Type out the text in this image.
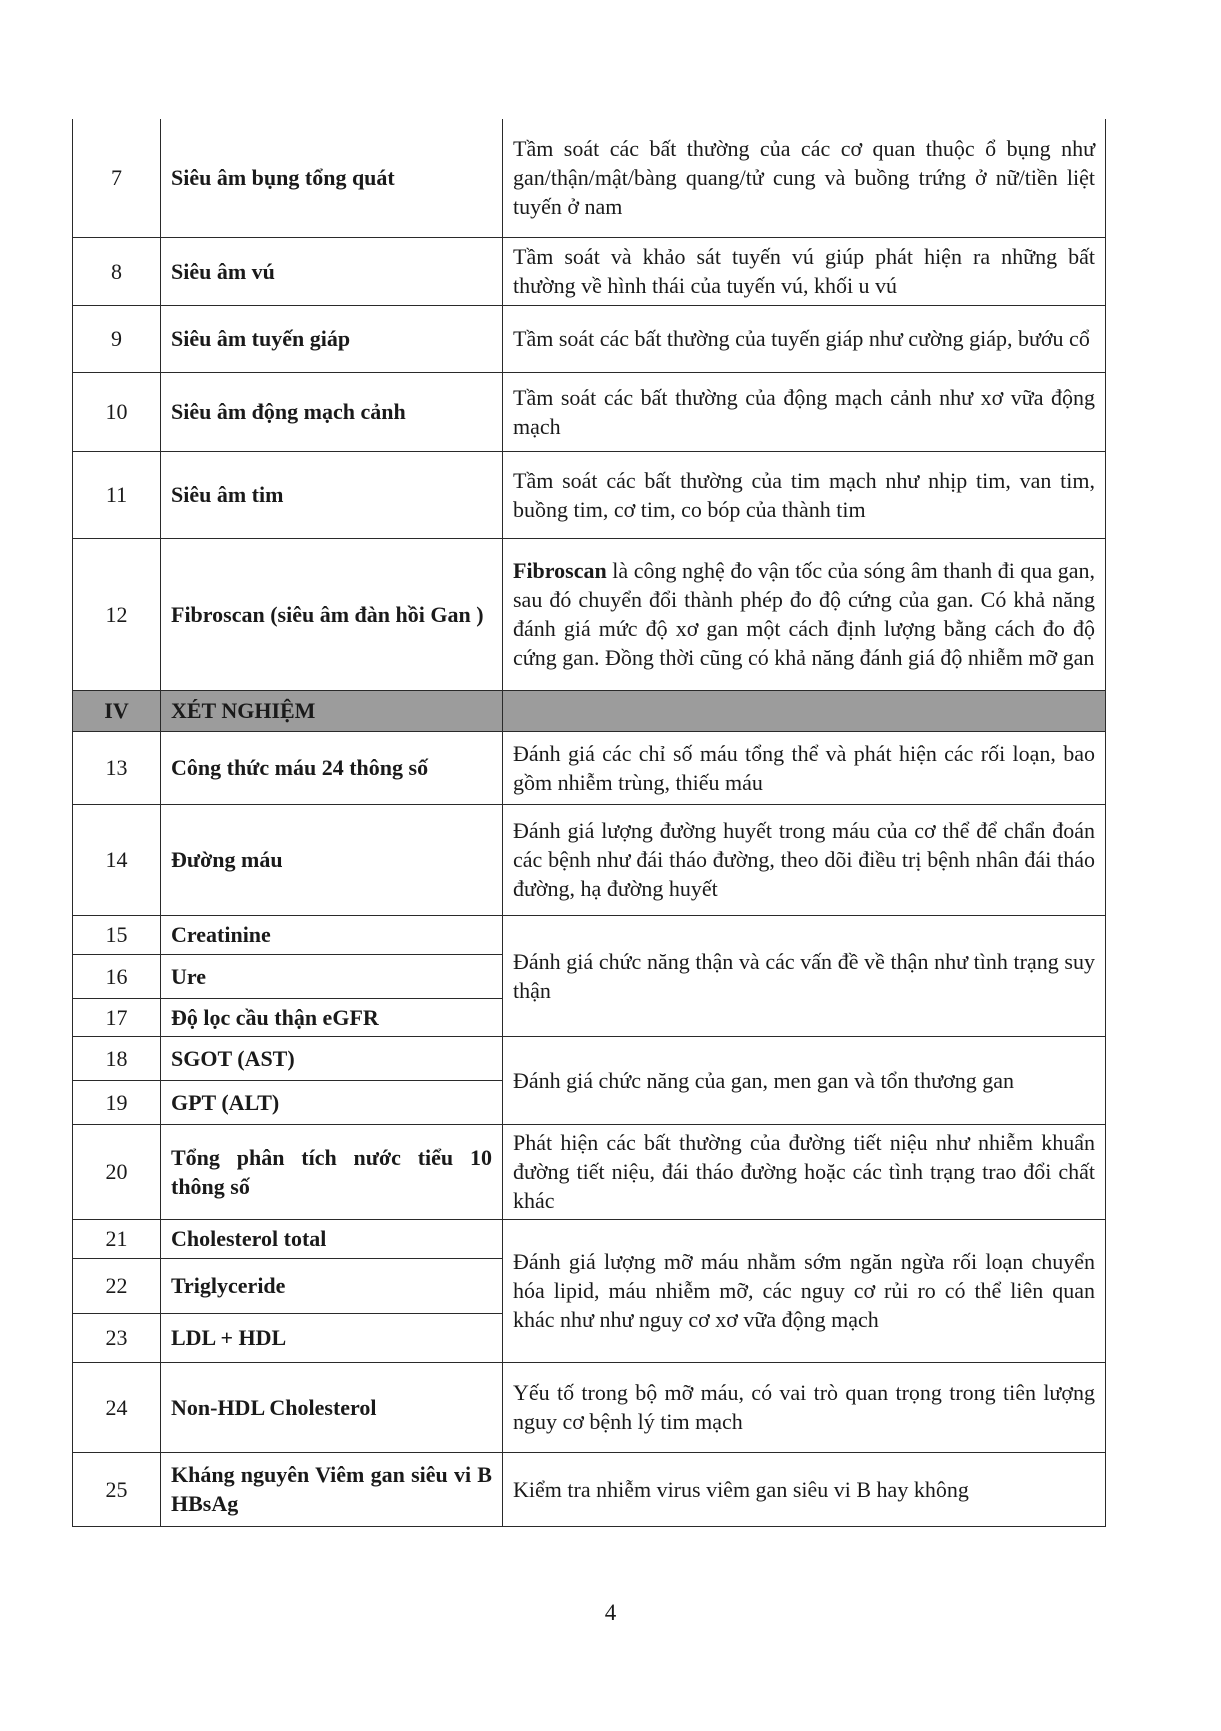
7	Siêu âm bụng tổng quát	Tầm soát các bất thường của các cơ quan thuộc ổ bụng như gan/thận/mật/bàng quang/tử cung và buồng trứng ở nữ/tiền liệt tuyến ở nam
8	Siêu âm vú	Tầm soát và khảo sát tuyến vú giúp phát hiện ra những bất thường về hình thái của tuyến vú, khối u vú
9	Siêu âm tuyến giáp	Tầm soát các bất thường của tuyến giáp như cường giáp, bướu cổ
10	Siêu âm động mạch cảnh	Tầm soát các bất thường của động mạch cảnh như xơ vữa động mạch
11	Siêu âm tim	Tầm soát các bất thường của tim mạch như nhịp tim, van tim, buồng tim, cơ tim, co bóp của thành tim
12	Fibroscan (siêu âm đàn hồi Gan )	Fibroscan là công nghệ đo vận tốc của sóng âm thanh đi qua gan, sau đó chuyển đổi thành phép đo độ cứng của gan. Có khả năng đánh giá mức độ xơ gan một cách định lượng bằng cách đo độ cứng gan. Đồng thời cũng có khả năng đánh giá độ nhiễm mỡ gan
IV	XÉT NGHIỆM	
13	Công thức máu 24 thông số	Đánh giá các chỉ số máu tổng thể và phát hiện các rối loạn, bao gồm nhiễm trùng, thiếu máu
14	Đường máu	Đánh giá lượng đường huyết trong máu của cơ thể để chẩn đoán các bệnh như đái tháo đường, theo dõi điều trị bệnh nhân đái tháo đường, hạ đường huyết
15	Creatinine	Đánh giá chức năng thận và các vấn đề về thận như tình trạng suy thận
16	Ure	
17	Độ lọc cầu thận eGFR	
18	SGOT (AST)	Đánh giá chức năng của gan, men gan và tổn thương gan
19	GPT (ALT)	
20	Tổng phân tích nước tiểu 10 thông số	Phát hiện các bất thường của đường tiết niệu như nhiễm khuẩn đường tiết niệu, đái tháo đường hoặc các tình trạng trao đổi chất khác
21	Cholesterol total	Đánh giá lượng mỡ máu nhằm sớm ngăn ngừa rối loạn chuyển hóa lipid, máu nhiễm mỡ, các nguy cơ rủi ro có thể liên quan khác như như nguy cơ xơ vữa động mạch
22	Triglyceride	
23	LDL + HDL	
24	Non-HDL Cholesterol	Yếu tố trong bộ mỡ máu, có vai trò quan trọng trong tiên lượng nguy cơ bệnh lý tim mạch
25	Kháng nguyên Viêm gan siêu vi B HBsAg	Kiểm tra nhiễm virus viêm gan siêu vi B hay không
4
